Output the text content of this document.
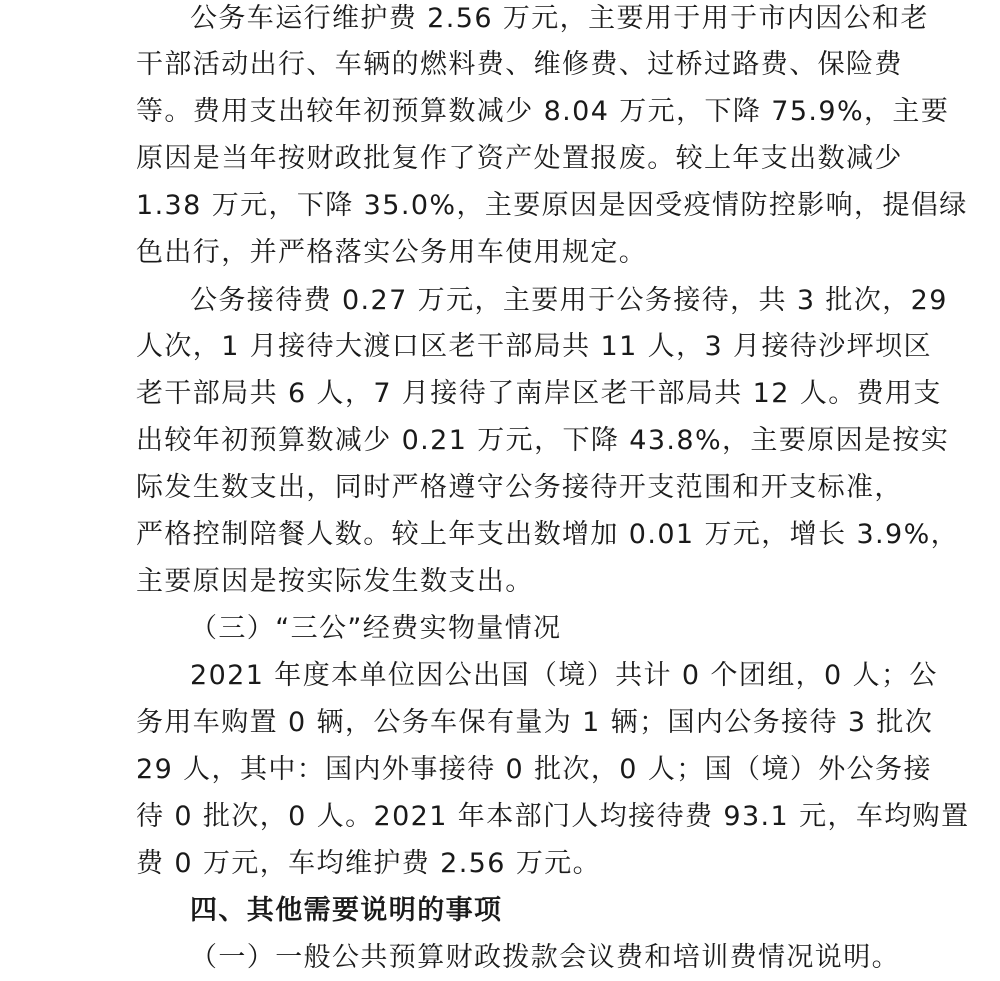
公务车运行维护费 2.56 万元，主要用于用于市内因公和老
干部活动出行、车辆的燃料费、维修费、过桥过路费、保险费
等。费用支出较年初预算数减少 8.04 万元，下降 75.9%，主要
原因是当年按财政批复作了资产处置报废。较上年支出数减少
1.38 万元，下降 35.0%，主要原因是因受疫情防控影响，提倡绿
色出行，并严格落实公务用车使用规定。
公务接待费 0.27 万元，主要用于公务接待，共 3 批次，29
人次，1 月接待大渡口区老干部局共 11 人，3 月接待沙坪坝区
老干部局共 6 人，7 月接待了南岸区老干部局共 12 人。费用支
出较年初预算数减少 0.21 万元，下降 43.8%，主要原因是按实
际发生数支出，同时严格遵守公务接待开支范围和开支标准，
严格控制陪餐人数。较上年支出数增加 0.01 万元，增长 3.9%，
主要原因是按实际发生数支出。
（三）“三公”经费实物量情况
2021 年度本单位因公出国（境）共计 0 个团组，0 人；公
务用车购置 0 辆，公务车保有量为 1 辆；国内公务接待 3 批次
29 人，其中：国内外事接待 0 批次，0 人；国（境）外公务接
待 0 批次，0 人。2021 年本部门人均接待费 93.1 元，车均购置
费 0 万元，车均维护费 2.56 万元。
四、其他需要说明的事项
（一）一般公共预算财政拨款会议费和培训费情况说明。
